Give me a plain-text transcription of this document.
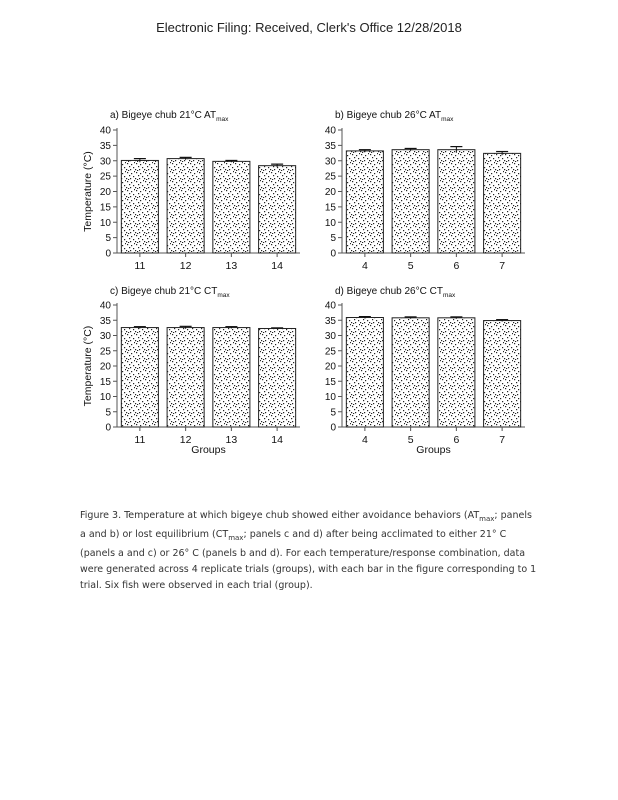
Electronic Filing: Received, Clerk's Office 12/28/2018
a) Bigeye chub 21°C $AT_{max}$
0
5
10
15
20
25
30
35
40
Temperature (°C)
11	12	13	14
b) Bigeye chub 26°C $AT_{max}$
0
5
10
15
20
25
30
35
40
4	5	6	7
c) Bigeye chub 21°C $CT_{max}$
0
5
10
15
20
25
30
35
40
Temperature (°C)
11	12	13	14
Groups
d) Bigeye chub 26°C $CT_{max}$
0
5
10
15
20
25
30
35
40
4	5	6	7
Groups
Figure 3. Temperature at which bigeye chub showed either avoidance behaviors ($AT_{max}$; panels a and b) or lost equilibrium ($CT_{max}$; panels c and d) after being acclimated to either 21° C (panels a and c) or 26° C (panels b and d). For each temperature/response combination, data were generated across 4 replicate trials (groups), with each bar in the figure corresponding to 1 trial. Six fish were observed in each trial (group).
